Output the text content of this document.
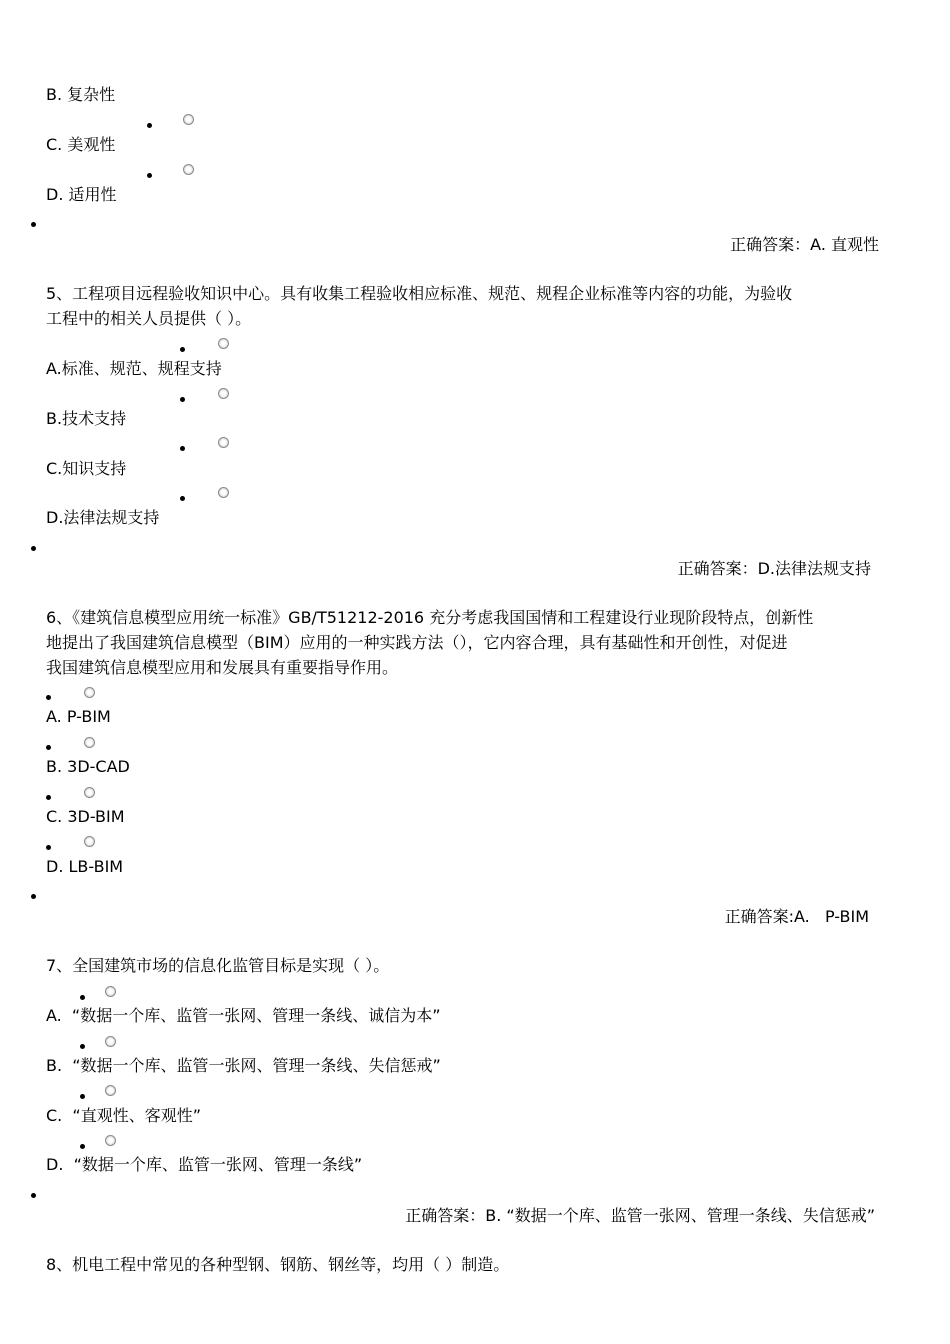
B. 复杂性
C. 美观性
D. 适用性
正确答案：A. 直观性
5、工程项目远程验收知识中心。具有收集工程验收相应标准、规范、规程企业标准等内容的功能，为验收
工程中的相关人员提供（ ）。
A.标准、规范、规程支持
B.技术支持
C.知识支持
D.法律法规支持
正确答案：D.法律法规支持
6、《建筑信息模型应用统一标准》GB/T51212-2016 充分考虑我国国情和工程建设行业现阶段特点，创新性
地提出了我国建筑信息模型（BIM）应用的一种实践方法（），它内容合理，具有基础性和开创性，对促进
我国建筑信息模型应用和发展具有重要指导作用。
A. P-BIM
B. 3D-CAD
C. 3D-BIM
D. LB-BIM
正确答案:A.   P-BIM
7、全国建筑市场的信息化监管目标是实现（ ）。
A.  “数据一个库、监管一张网、管理一条线、诚信为本”
B.  “数据一个库、监管一张网、管理一条线、失信惩戒”
C.  “直观性、客观性”
D.  “数据一个库、监管一张网、管理一条线”
正确答案：B. “数据一个库、监管一张网、管理一条线、失信惩戒”
8、机电工程中常见的各种型钢、钢筋、钢丝等，均用（ ）制造。
